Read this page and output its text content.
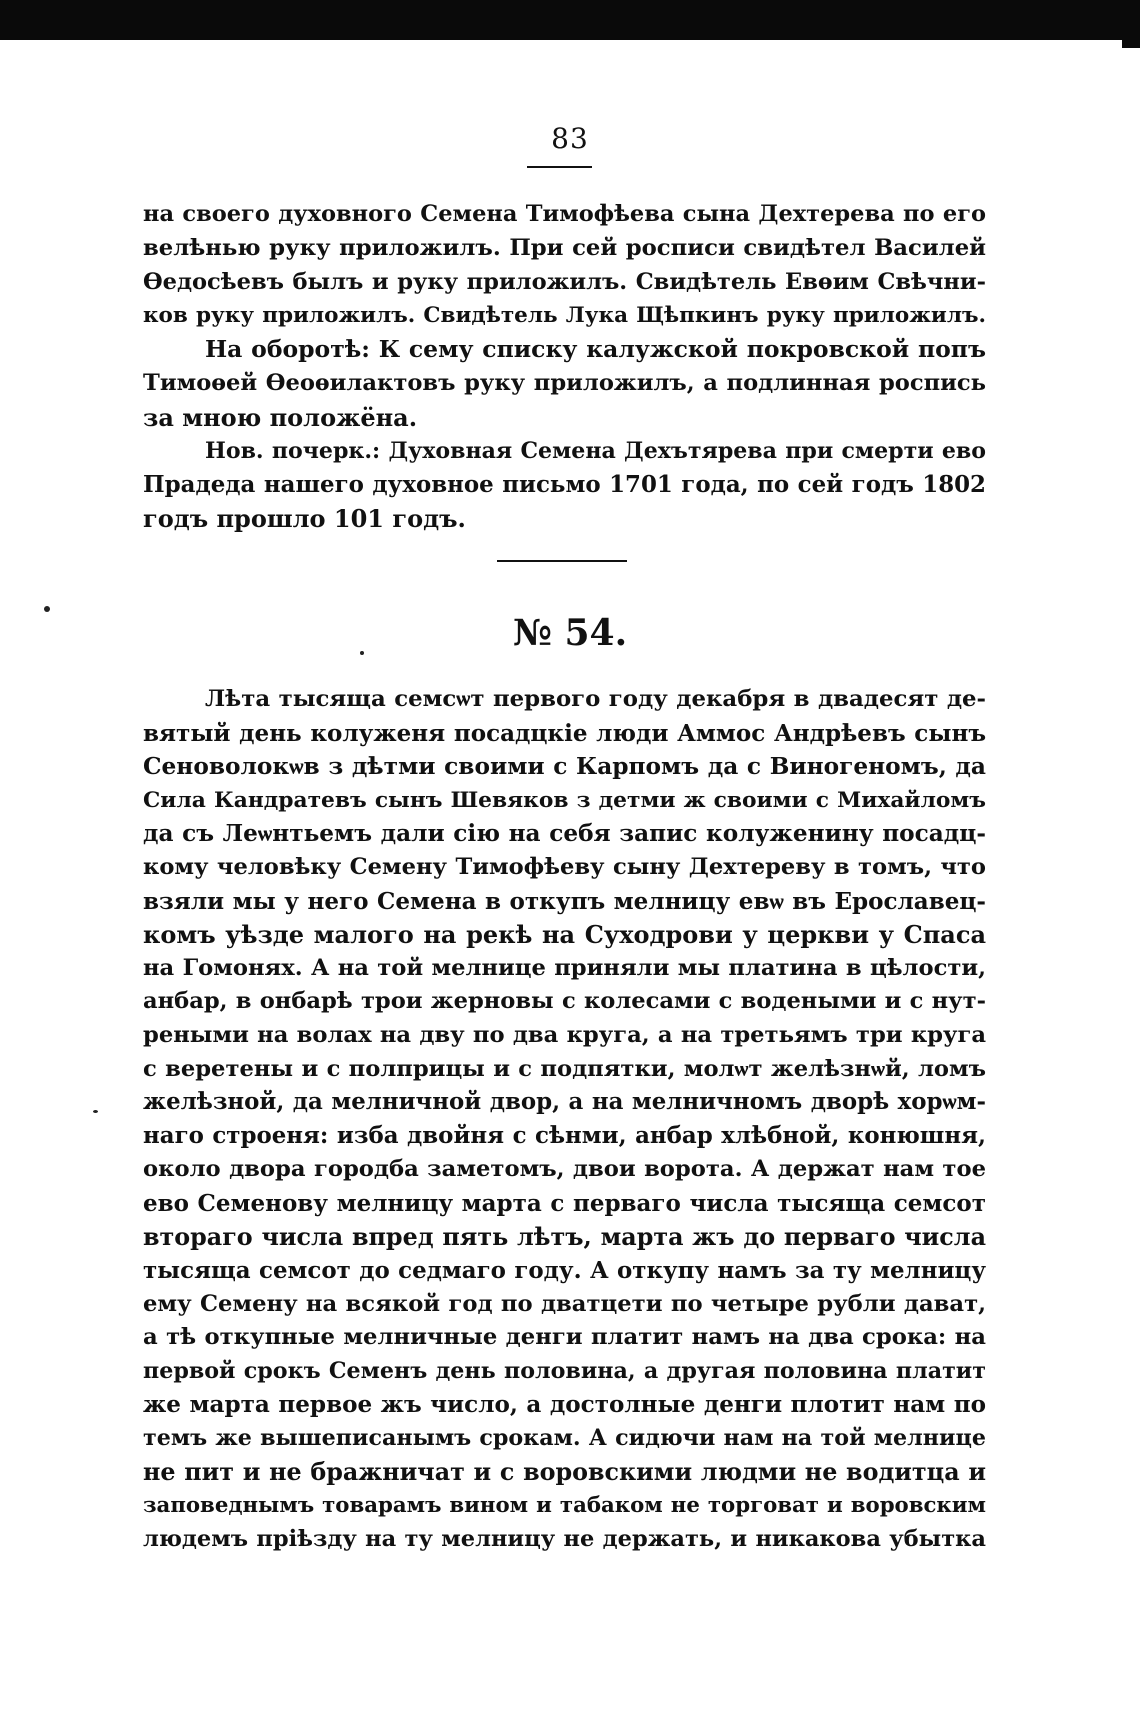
83
на своего духовного Семена Тимофѣева сына Дехтерева по его
велѣнью руку приложилъ. При сей росписи свидѣтел Василей
Ѳедосѣевъ былъ и руку приложилъ. Свидѣтель Евѳим Свѣчни-
ков руку приложилъ. Свидѣтель Лука Щѣпкинъ руку приложилъ.
На оборотѣ: К сему списку калужской покровской попъ
Тимоѳей Ѳеоѳилактовъ руку приложилъ, а подлинная роспись
за мною положёна.
Нов. почерк.: Духовная Семена Дехътярева при смерти ево
Прадеда нашего духовное письмо 1701 года, по сей годъ 1802
годъ прошло 101 годъ.
№ 54.
Лѣта тысяща семсѡт первого году декабря в двадесят де-
вятый день колуженя посадцкіе люди Аммос Андрѣевъ сынъ
Сеноволокѡв з дѣтми своими с Карпомъ да с Виногеномъ, да
Сила Кандратевъ сынъ Шевяков з детми ж своими с Михайломъ
да съ Леѡнтьемъ дали сію на себя запис колуженину посадц-
кому человѣку Семену Тимофѣеву сыну Дехтереву в томъ, что
взяли мы у него Семена в откупъ мелницу евѡ въ Ерославец-
комъ уѣзде малого на рекѣ на Суходрови у церкви у Спаса
на Гомонях. А на той мелнице приняли мы платина в цѣлости,
анбар, в онбарѣ трои жерновы с колесами с водеными и с нут-
реными на волах на дву по два круга, а на третьямъ три круга
с веретены и с полприцы и с подпятки, молѡт желѣзнѡй, ломъ
желѣзной, да мелничной двор, а на мелничномъ дворѣ хорѡм-
наго строеня: изба двойня с сѣнми, анбар хлѣбной, конюшня,
около двора городба заметомъ, двои ворота. А держат нам тое
ево Семенову мелницу марта с перваго числа тысяща семсот
втораго числа впред пять лѣтъ, марта жъ до перваго числа
тысяща семсот до седмаго году. А откупу намъ за ту мелницу
ему Семену на всякой год по дватцети по четыре рубли дават,
а тѣ откупные мелничные денги платит намъ на два срока: на
первой срокъ Семенъ день половина, а другая половина платит
же марта первое жъ число, а достолные денги плотит нам по
темъ же вышеписанымъ срокам. А сидючи нам на той мелнице
не пит и не бражничат и с воровскими людми не водитца и
заповеднымъ товарамъ вином и табаком не торговат и воровским
людемъ пріѣзду на ту мелницу не держать, и никакова убытка
